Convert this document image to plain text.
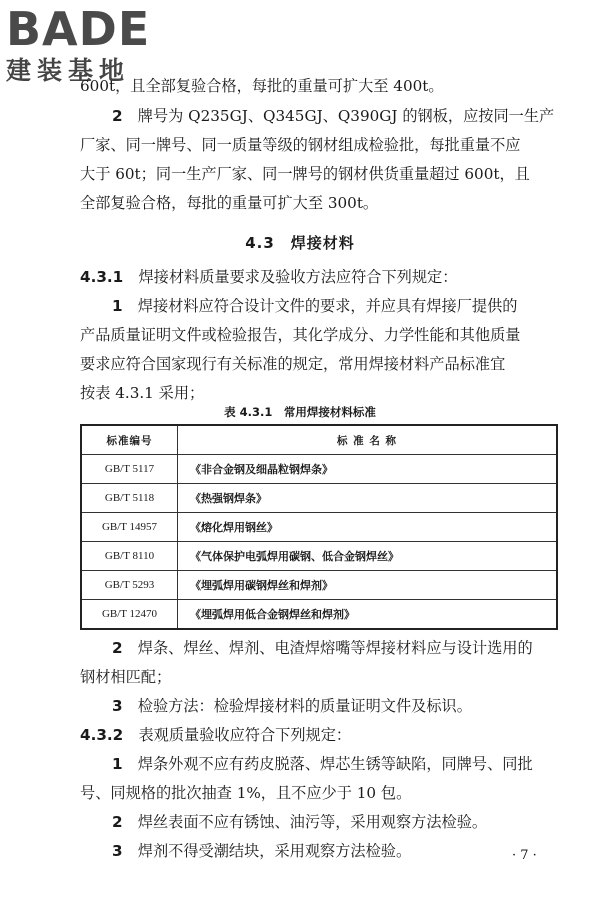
BADE
建装基地
600t，且全部复验合格，每批的重量可扩大至 400t。
2　 牌号为 Q235GJ、Q345GJ、Q390GJ 的钢板，应按同一生产
厂家、同一牌号、同一质量等级的钢材组成检验批，每批重量不应
大于 60t；同一生产厂家、同一牌号的钢材供货重量超过 600t，且
全部复验合格，每批的重量可扩大至 300t。
4.3　焊接材料
4.3.1　 焊接材料质量要求及验收方法应符合下列规定：
1　 焊接材料应符合设计文件的要求，并应具有焊接厂提供的
产品质量证明文件或检验报告，其化学成分、力学性能和其他质量
要求应符合国家现行有关标准的规定，常用焊接材料产品标准宜
按表 4.3.1 采用；
表 4.3.1　常用焊接材料标准
标准编号	标 准 名 称
GB/T 5117	《非合金钢及细晶粒钢焊条》
GB/T 5118	《热强钢焊条》
GB/T 14957	《熔化焊用钢丝》
GB/T 8110	《气体保护电弧焊用碳钢、低合金钢焊丝》
GB/T 5293	《埋弧焊用碳钢焊丝和焊剂》
GB/T 12470	《埋弧焊用低合金钢焊丝和焊剂》
2　 焊条、焊丝、焊剂、电渣焊熔嘴等焊接材料应与设计选用的
钢材相匹配；
3　 检验方法：检验焊接材料的质量证明文件及标识。
4.3.2　 表观质量验收应符合下列规定：
1　 焊条外观不应有药皮脱落、焊芯生锈等缺陷，同牌号、同批
号、同规格的批次抽查 1%，且不应少于 10 包。
2　 焊丝表面不应有锈蚀、油污等，采用观察方法检验。
3　 焊剂不得受潮结块，采用观察方法检验。	· 7 ·
